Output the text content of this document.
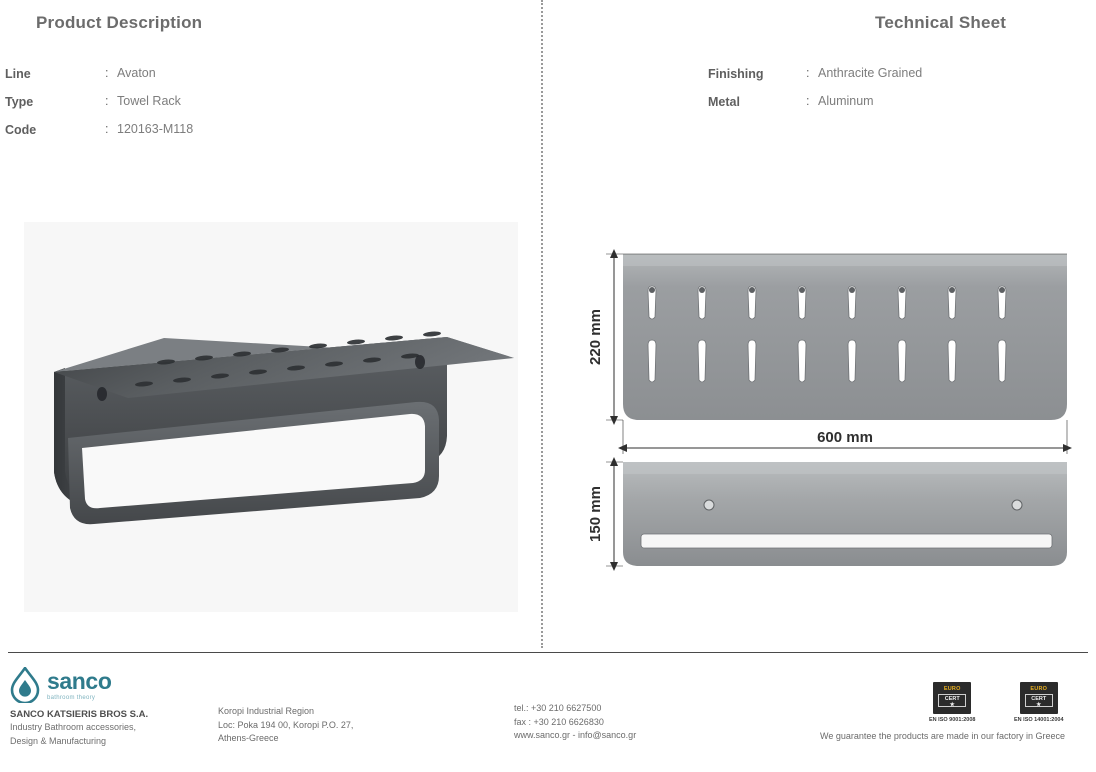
Product Description
Line	: Avaton
Type	: Towel Rack
Code	: 120163-M118
Technical Sheet
Finishing	: Anthracite Grained
Metal	: Aluminum
220 mm
600 mm
150 mm
sanco
bathroom theory
SANCO KATSIERIS BROS S.A.
Industry Bathroom accessories,
Design & Manufacturing
Koropi Industrial Region
Loc: Poka 194 00, Koropi P.O. 27,
Athens-Greece
tel.: +30 210 6627500
fax : +30 210 6626830
www.sanco.gr - info@sanco.gr
EURO
CERT
★
EN ISO 9001:2008
EURO
CERT
★
EN ISO 14001:2004
We guarantee the products are made in our factory in Greece
